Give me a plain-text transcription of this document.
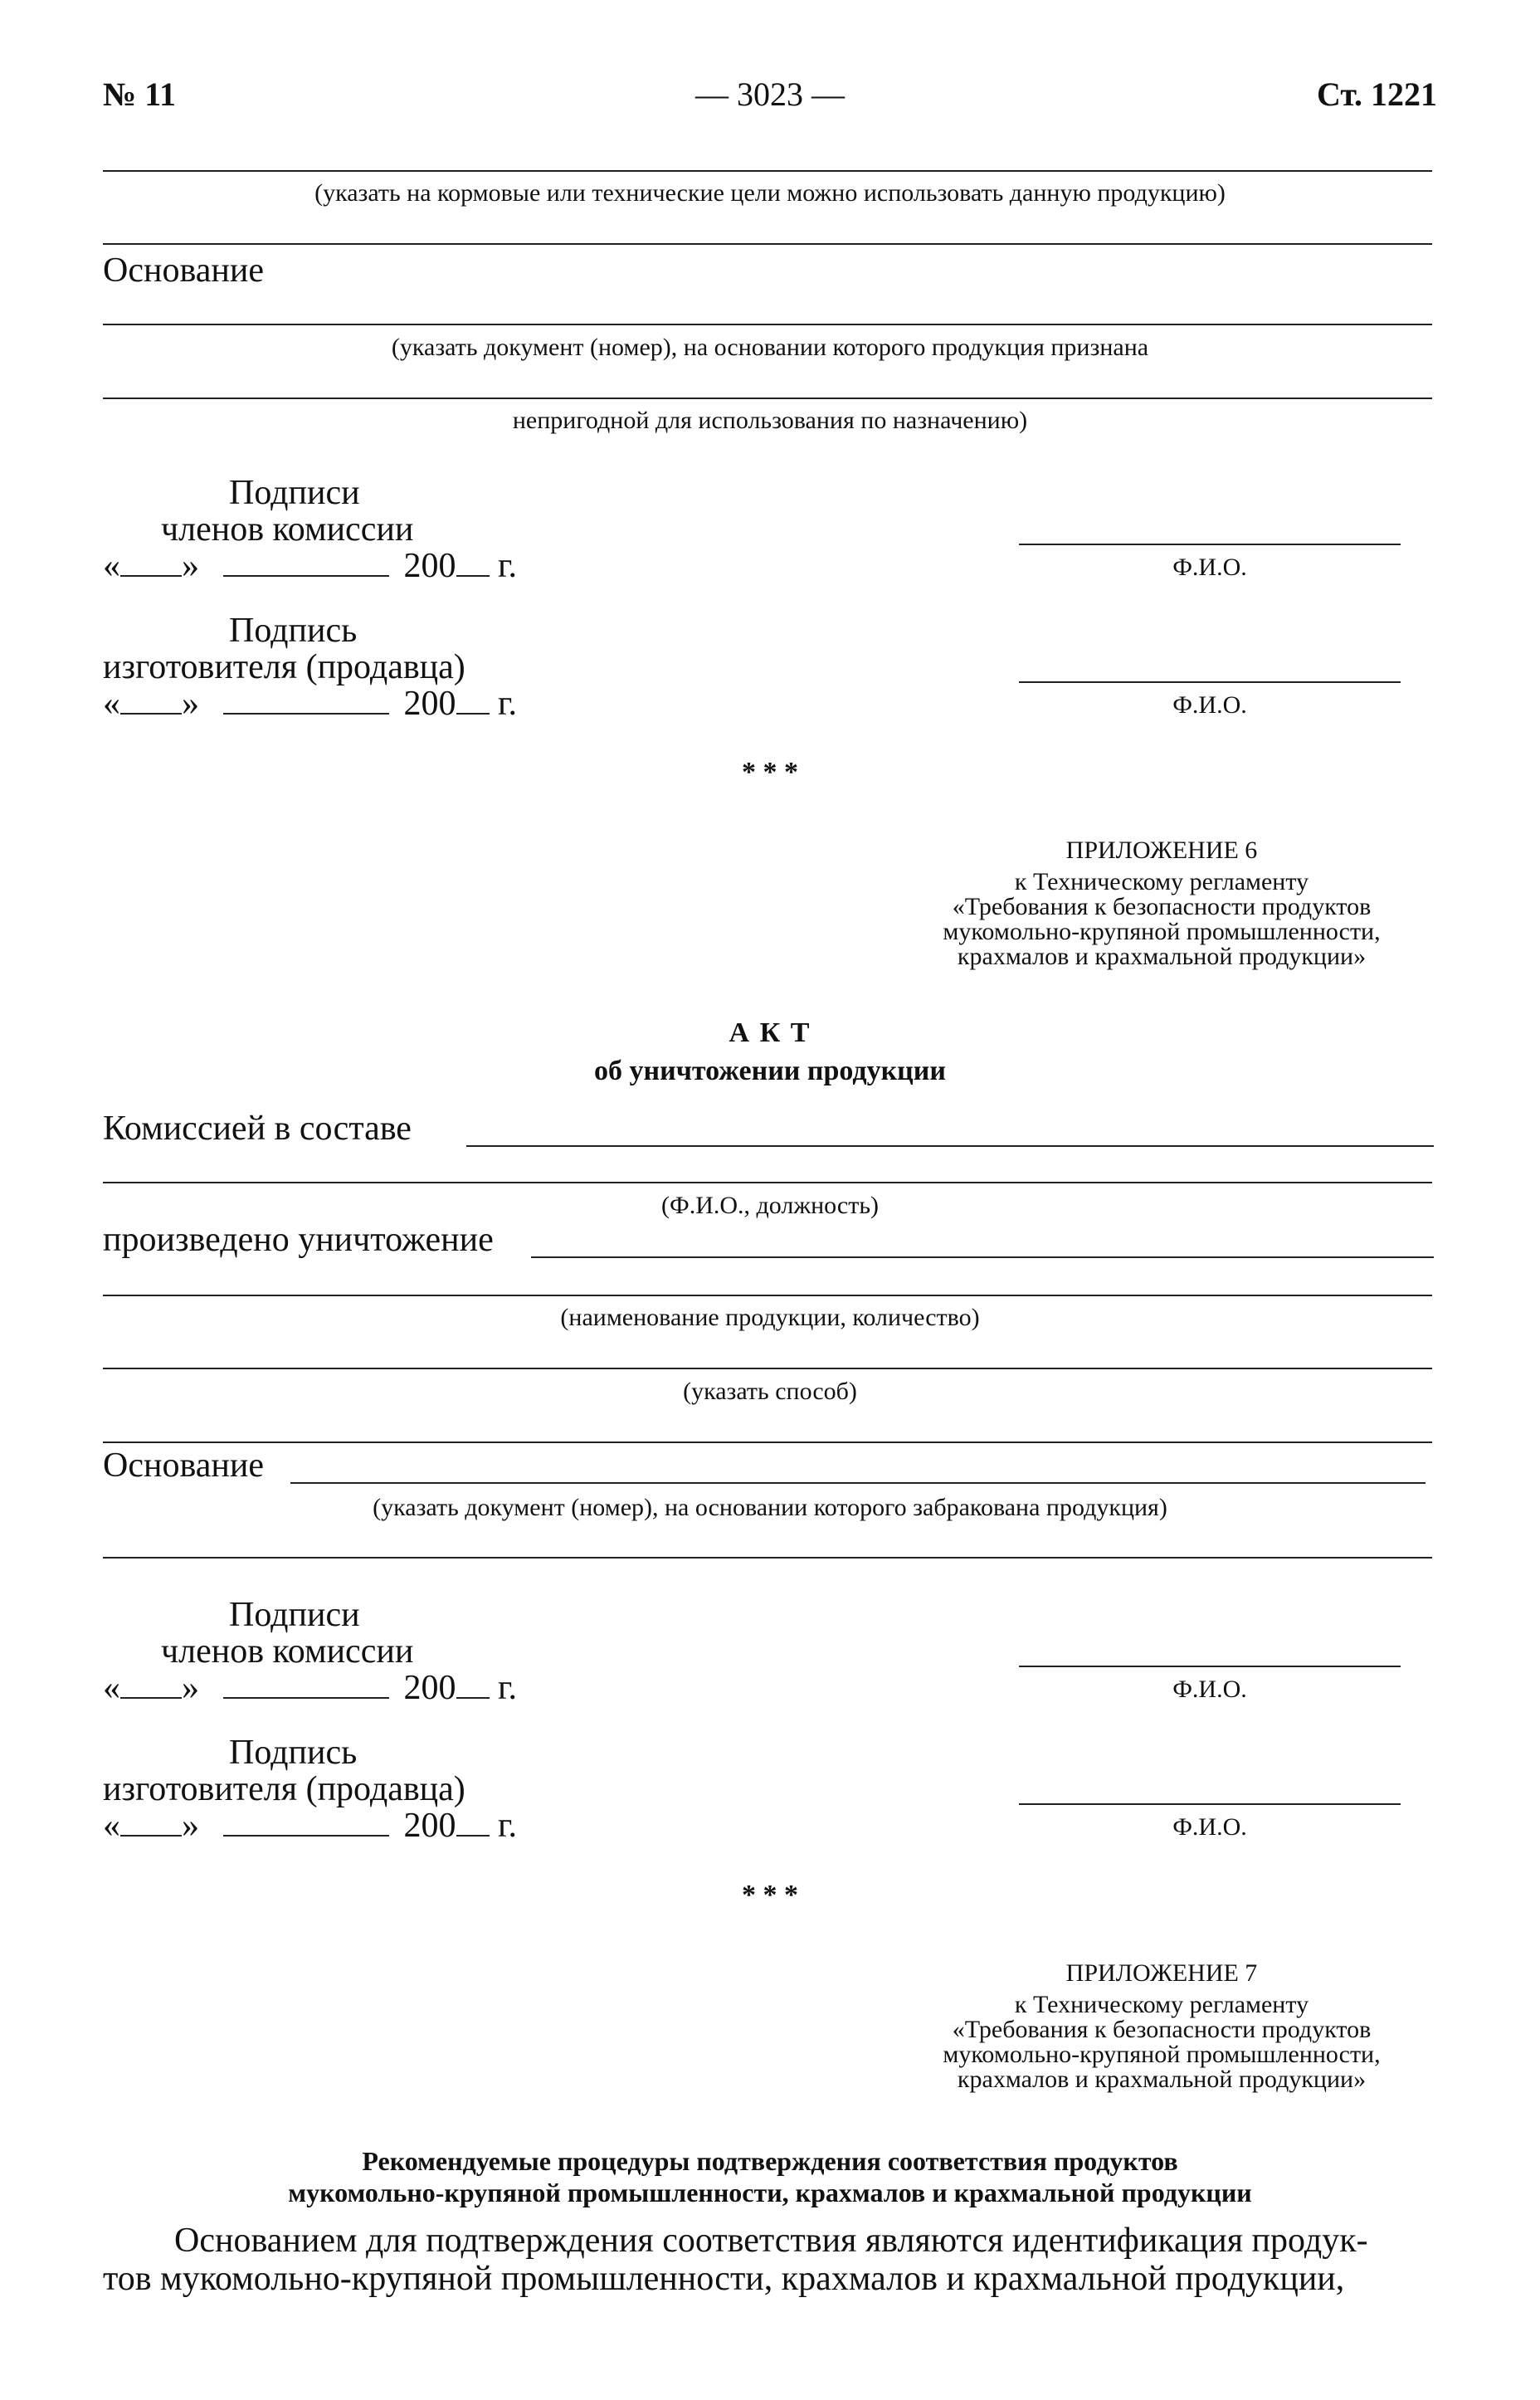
№ 11	— 3023 —	Ст. 1221
(указать на кормовые или технические цели можно использовать данную продукцию)
Основание
(указать документ (номер), на основании которого продукция признана
непригодной для использования по назначению)
Подписи
членов комиссии
« »	200 г.	Ф.И.О.
Подпись
изготовителя (продавца)
« »	200 г.	Ф.И.О.
* * *
ПРИЛОЖЕНИЕ 6
к Техническому регламенту
«Требования к безопасности продуктов
мукомольно-крупяной промышленности,
крахмалов и крахмальной продукции»
А К Т
об уничтожении продукции
Комиссией в составе
(Ф.И.О., должность)
произведено уничтожение
(наименование продукции, количество)
(указать способ)
Основание
(указать документ (номер), на основании которого забракована продукция)
Подписи
членов комиссии
« »	200 г.	Ф.И.О.
Подпись
изготовителя (продавца)
« »	200 г.	Ф.И.О.
* * *
ПРИЛОЖЕНИЕ 7
к Техническому регламенту
«Требования к безопасности продуктов
мукомольно-крупяной промышленности,
крахмалов и крахмальной продукции»
Рекомендуемые процедуры подтверждения соответствия продуктов
мукомольно-крупяной промышленности, крахмалов и крахмальной продукции
Основанием для подтверждения соответствия являются идентификация продук-
тов мукомольно-крупяной промышленности, крахмалов и крахмальной продукции,
